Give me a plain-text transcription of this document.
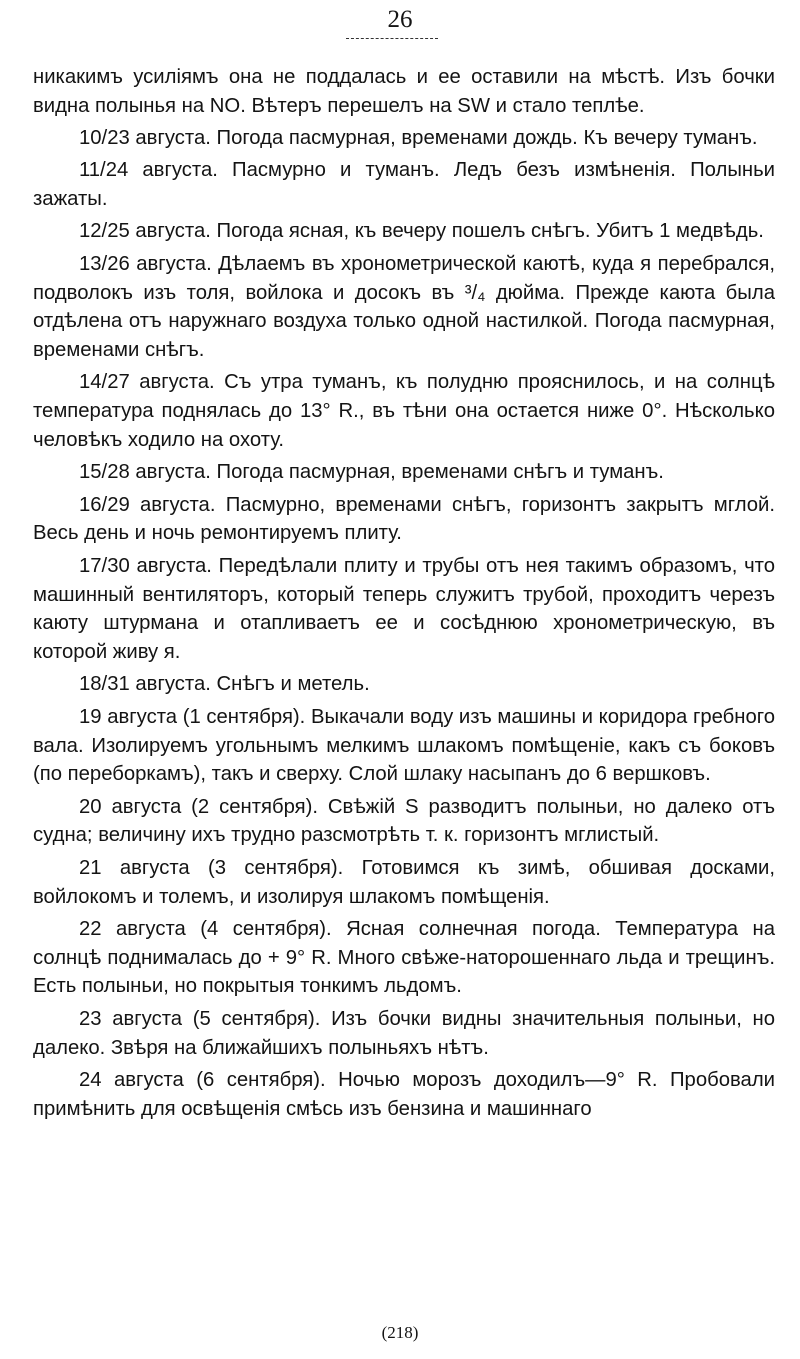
26

никакимъ усиліямъ она не поддалась и ее оставили на мѣстѣ. Изъ бочки видна полынья на NO. Вѣтеръ перешелъ на SW и стало теплѣе.

10/23 августа. Погода пасмурная, временами дождь. Къ вечеру туманъ.

11/24 августа. Пасмурно и туманъ. Ледъ безъ измѣненія. Полыньи зажаты.

12/25 августа. Погода ясная, къ вечеру пошелъ снѣгъ. Убитъ 1 медвѣдь.

13/26 августа. Дѣлаемъ въ хронометрической каютѣ, куда я перебрался, подволокъ изъ толя, войлока и досокъ въ ³/₄ дюйма. Прежде каюта была отдѣлена отъ наружнаго воздуха только одной настилкой. Погода пасмурная, временами снѣгъ.

14/27 августа. Съ утра туманъ, къ полудню прояснилось, и на солнцѣ температура поднялась до 13° R., въ тѣни она остается ниже 0°. Нѣсколько человѣкъ ходило на охоту.

15/28 августа. Погода пасмурная, временами снѣгъ и туманъ.

16/29 августа. Пасмурно, временами снѣгъ, горизонтъ закрытъ мглой. Весь день и ночь ремонтируемъ плиту.

17/30 августа. Передѣлали плиту и трубы отъ нея такимъ образомъ, что машинный вентиляторъ, который теперь служитъ трубой, проходитъ черезъ каюту штурмана и отапливаетъ ее и сосѣднюю хронометрическую, въ которой живу я.

18/31 августа. Снѣгъ и метель.

19 августа (1 сентября). Выкачали воду изъ машины и коридора гребного вала. Изолируемъ угольнымъ мелкимъ шлакомъ помѣщеніе, какъ съ боковъ (по переборкамъ), такъ и сверху. Слой шлаку насыпанъ до 6 вершковъ.

20 августа (2 сентября). Свѣжій S разводитъ полыньи, но далеко отъ судна; величину ихъ трудно разсмотрѣть т. к. горизонтъ мглистый.

21 августа (3 сентября). Готовимся къ зимѣ, обшивая досками, войлокомъ и толемъ, и изолируя шлакомъ помѣщенія.

22 августа (4 сентября). Ясная солнечная погода. Температура на солнцѣ поднималась до + 9° R. Много свѣже-наторошеннаго льда и трещинъ. Есть полыньи, но покрытыя тонкимъ льдомъ.

23 августа (5 сентября). Изъ бочки видны значительныя полыньи, но далеко. Звѣря на ближайшихъ полыньяхъ нѣтъ.

24 августа (6 сентября). Ночью морозъ доходилъ—9° R. Пробовали примѣнить для освѣщенія смѣсь изъ бензина и машиннаго

(218)
